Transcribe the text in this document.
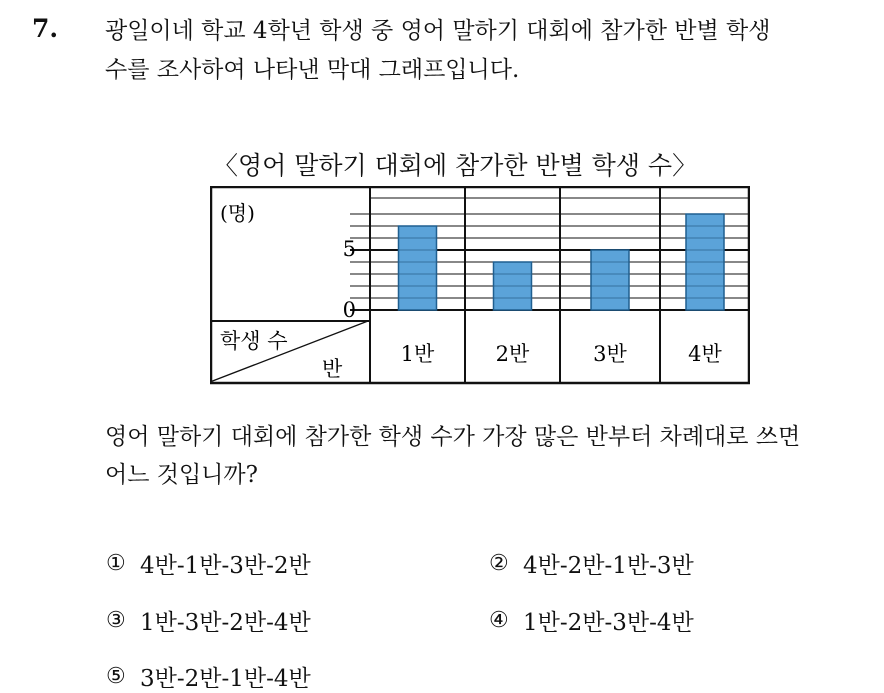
7. 광일이네 학교 4학년 학생 중 영어 말하기 대회에 참가한 반별 학생
수를 조사하여 나타낸 막대 그래프입니다.
〈영어 말하기 대회에 참가한 반별 학생 수〉
(명)
5
0
학생 수
반
1반	2반	3반	4반
영어 말하기 대회에 참가한 학생 수가 가장 많은 반부터 차례대로 쓰면
어느 것입니까?
① 4반-1반-3반-2반	② 4반-2반-1반-3반
③ 1반-3반-2반-4반	④ 1반-2반-3반-4반
⑤ 3반-2반-1반-4반
